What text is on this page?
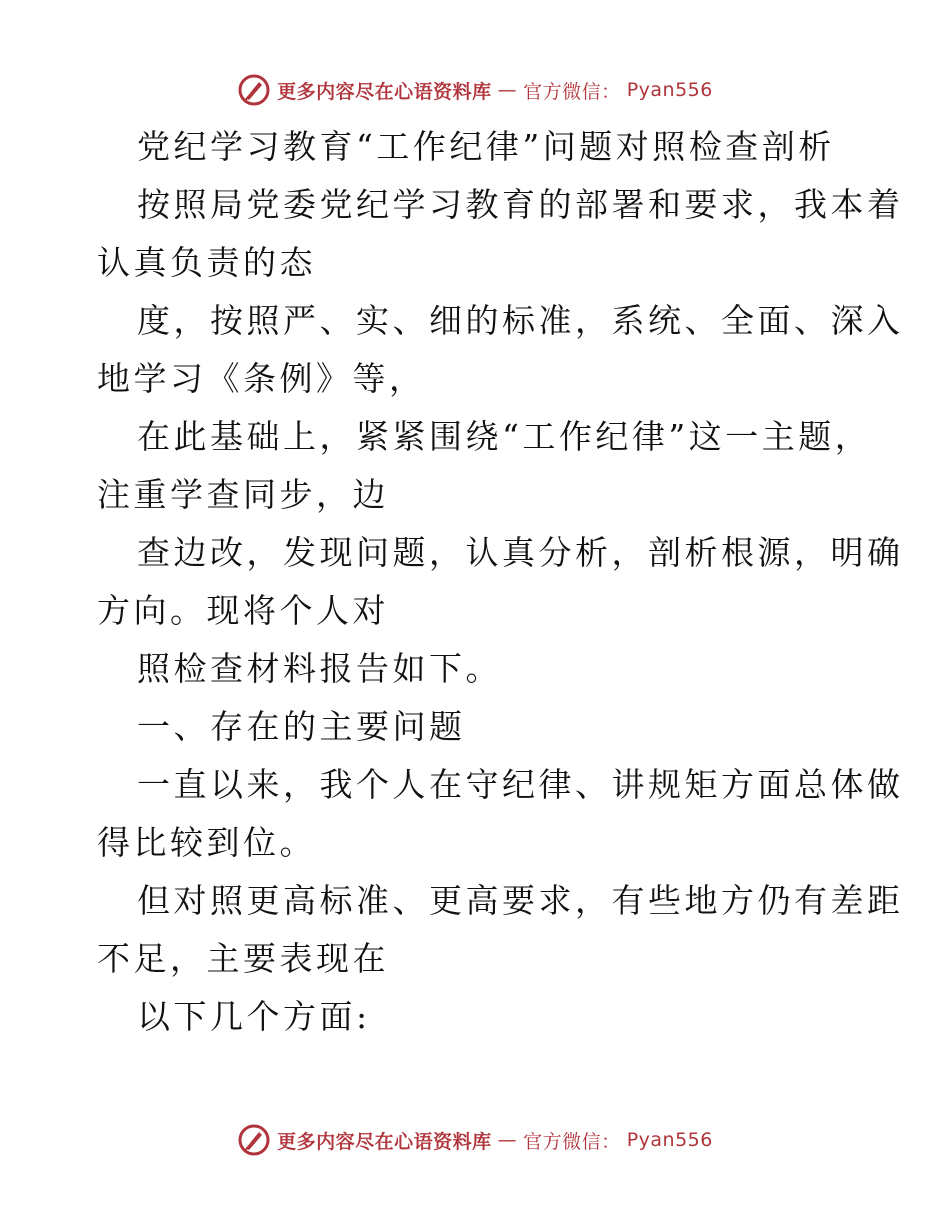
更多内容尽在心语资料库 — 官方微信： Pyan556

党纪学习教育“工作纪律”问题对照检查剖析

按照局党委党纪学习教育的部署和要求，我本着

认真负责的态

度，按照严、实、细的标准，系统、全面、深入

地学习《条例》等，

在此基础上，紧紧围绕“工作纪律”这一主题，

注重学查同步，边

查边改，发现问题，认真分析，剖析根源，明确

方向。现将个人对

照检查材料报告如下。

一、存在的主要问题

一直以来，我个人在守纪律、讲规矩方面总体做

得比较到位。

但对照更高标准、更高要求，有些地方仍有差距

不足，主要表现在

以下几个方面:

更多内容尽在心语资料库 — 官方微信： Pyan556
